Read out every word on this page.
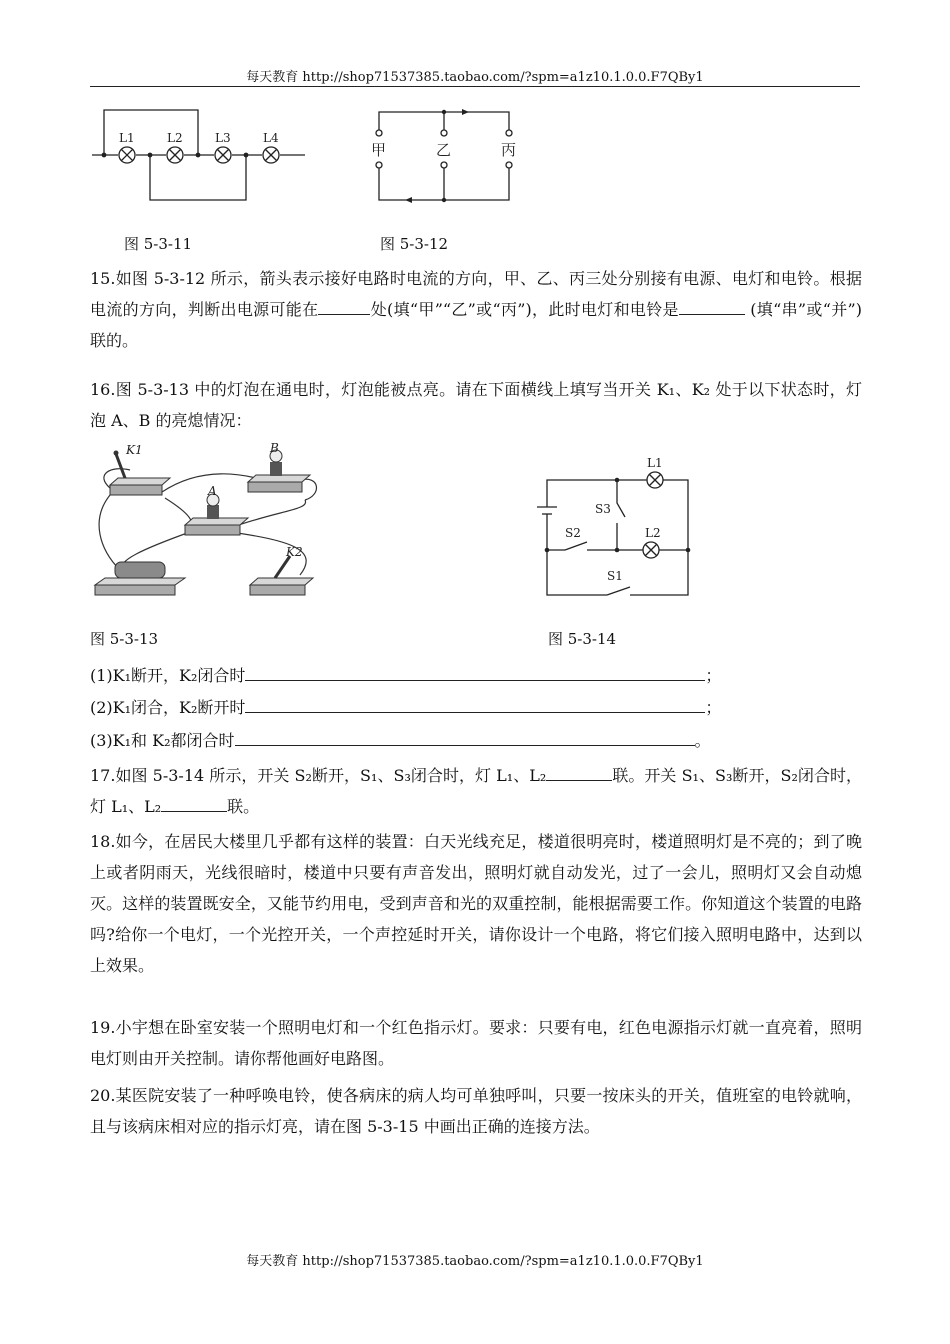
每天教育 http://shop71537385.taobao.com/?spm=a1z10.1.0.0.F7QBy1
L1	L2	L3	L4
图 5-3-11
甲	乙	丙
图 5-3-12
15.如图 5-3-12 所示，箭头表示接好电路时电流的方向，甲、乙、丙三处分别接有电源、电灯和电铃。根据电流的方向，判断出电源可能在	处(填“甲”“乙”或“丙”)，此时电灯和电铃是	(填“串”或“并”)联的。
16.图 5-3-13 中的灯泡在通电时，灯泡能被点亮。请在下面横线上填写当开关 K₁、K₂ 处于以下状态时，灯泡 A、B 的亮熄情况：
K1	B
A
K2
L1
S3
L2
S2
S1
图 5-3-13	图 5-3-14
(1)K₁断开，K₂闭合时	；
(2)K₁闭合，K₂断开时	；
(3)K₁和 K₂都闭合时	。
17.如图 5-3-14 所示，开关 S₂断开，S₁、S₃闭合时，灯 L₁、L₂	联。开关 S₁、S₃断开，S₂闭合时，灯 L₁、L₂	联。
18.如今，在居民大楼里几乎都有这样的装置：白天光线充足，楼道很明亮时，楼道照明灯是不亮的；到了晚上或者阴雨天，光线很暗时，楼道中只要有声音发出，照明灯就自动发光，过了一会儿，照明灯又会自动熄灭。这样的装置既安全，又能节约用电，受到声音和光的双重控制，能根据需要工作。你知道这个装置的电路吗?给你一个电灯，一个光控开关，一个声控延时开关，请你设计一个电路，将它们接入照明电路中，达到以上效果。
19.小宇想在卧室安装一个照明电灯和一个红色指示灯。要求：只要有电，红色电源指示灯就一直亮着，照明电灯则由开关控制。请你帮他画好电路图。
20.某医院安装了一种呼唤电铃，使各病床的病人均可单独呼叫，只要一按床头的开关，值班室的电铃就响，且与该病床相对应的指示灯亮，请在图 5-3-15 中画出正确的连接方法。
每天教育 http://shop71537385.taobao.com/?spm=a1z10.1.0.0.F7QBy1
